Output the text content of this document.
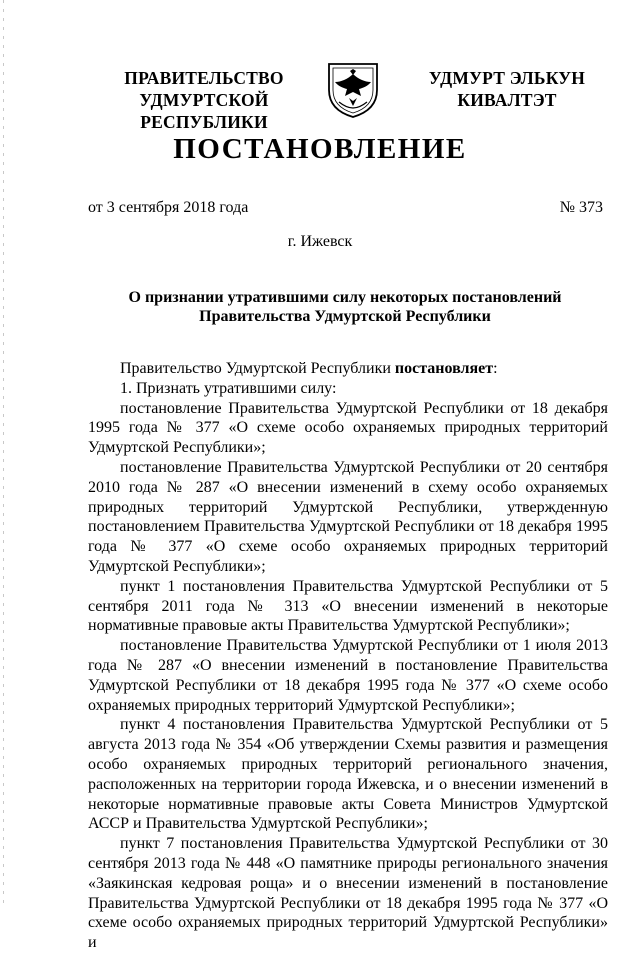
ПРАВИТЕЛЬСТВО
УДМУРТСКОЙ РЕСПУБЛИКИ
УДМУРТ ЭЛЬКУН
КИВАЛТЭТ
ПОСТАНОВЛЕНИЕ
от 3 сентября 2018 года	№ 373
г. Ижевск
О признании утратившими силу некоторых постановлений
Правительства Удмуртской Республики

Правительство Удмуртской Республики постановляет:

1. Признать утратившими силу:

постановление Правительства Удмуртской Республики от 18 декабря 1995 года № 377 «О схеме особо охраняемых природных территорий Удмуртской Республики»;

постановление Правительства Удмуртской Республики от 20 сентября 2010 года № 287 «О внесении изменений в схему особо охраняемых природных территорий Удмуртской Республики, утвержденную постановлением Правительства Удмуртской Республики от 18 декабря 1995 года № 377 «О схеме особо охраняемых природных территорий Удмуртской Республики»;

пункт 1 постановления Правительства Удмуртской Республики от 5 сентября 2011 года № 313 «О внесении изменений в некоторые нормативные правовые акты Правительства Удмуртской Республики»;

постановление Правительства Удмуртской Республики от 1 июля 2013 года № 287 «О внесении изменений в постановление Правительства Удмуртской Республики от 18 декабря 1995 года № 377 «О схеме особо охраняемых природных территорий Удмуртской Республики»;

пункт 4 постановления Правительства Удмуртской Республики от 5 августа 2013 года № 354 «Об утверждении Схемы развития и размещения особо охраняемых природных территорий регионального значения, расположенных на территории города Ижевска, и о внесении изменений в некоторые нормативные правовые акты Совета Министров Удмуртской АССР и Правительства Удмуртской Республики»;

пункт 7 постановления Правительства Удмуртской Республики от 30 сентября 2013 года № 448 «О памятнике природы регионального значения «Заякинская кедровая роща» и о внесении изменений в постановление Правительства Удмуртской Республики от 18 декабря 1995 года № 377 «О схеме особо охраняемых природных территорий Удмуртской Республики» и
